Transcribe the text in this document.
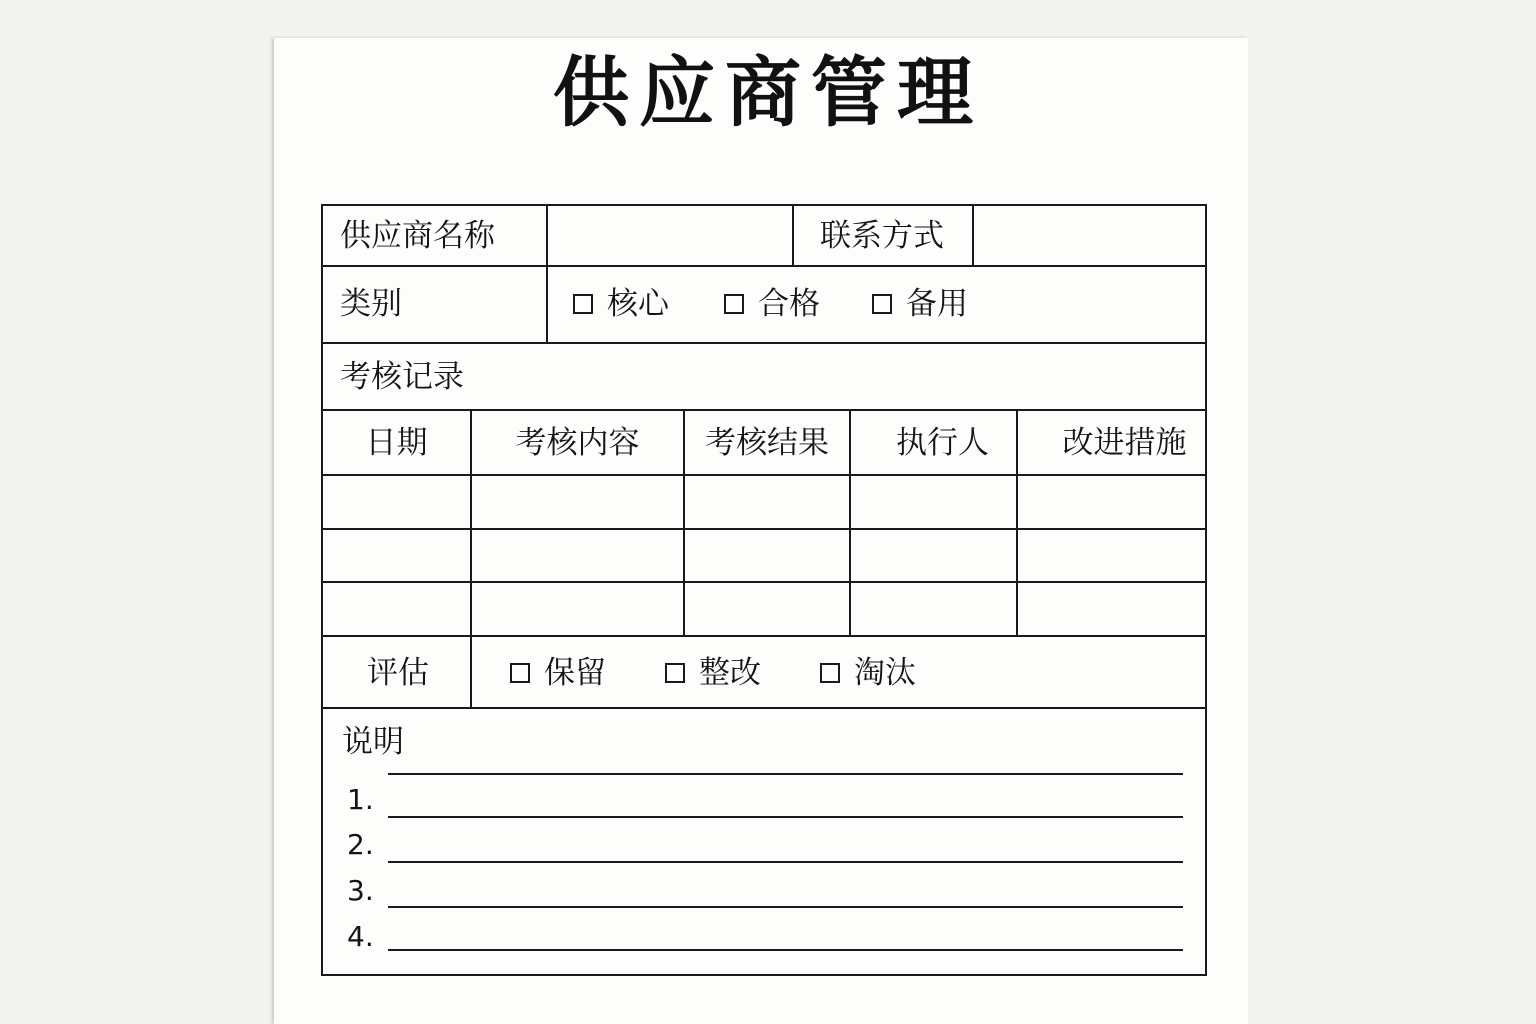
供应商管理
供应商名称	联系方式
类别	核心	合格	备用
考核记录
日期	考核内容	考核结果	执行人	改进措施
评估	保留	整改	淘汰
说明
1.
2.
3.
4.
